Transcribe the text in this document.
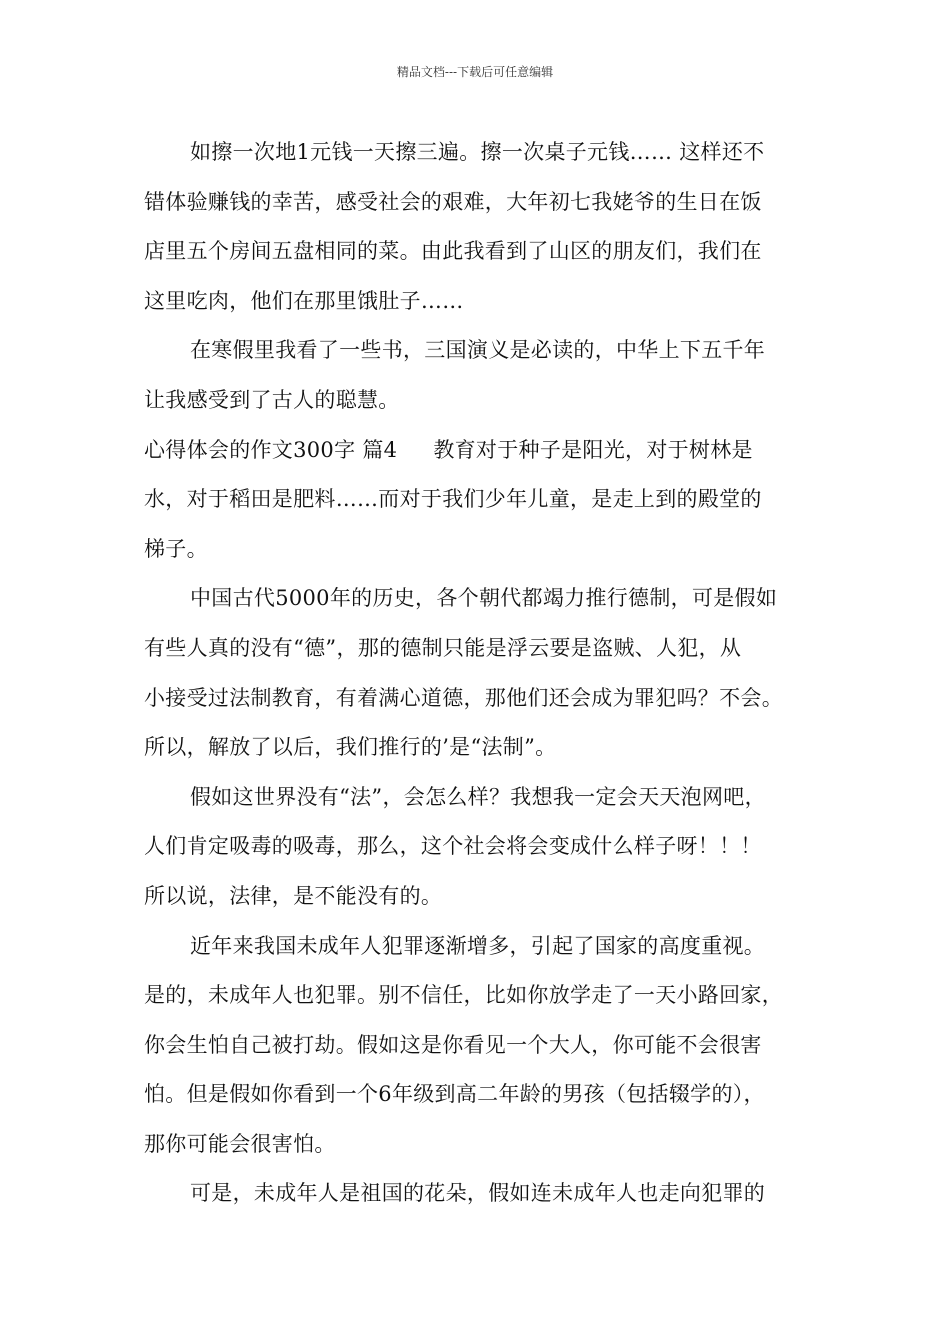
精品文档---下载后可任意编辑
如擦一次地1元钱一天擦三遍。擦一次桌子元钱…… 这样还不
错体验赚钱的幸苦，感受社会的艰难，大年初七我姥爷的生日在饭
店里五个房间五盘相同的菜。由此我看到了山区的朋友们，我们在
这里吃肉，他们在那里饿肚子……
在寒假里我看了一些书，三国演义是必读的，中华上下五千年
让我感受到了古人的聪慧。
心得体会的作文300字 篇4 教育对于种子是阳光，对于树林是
水，对于稻田是肥料……而对于我们少年儿童，是走上到的殿堂的
梯子。
中国古代5000年的历史，各个朝代都竭力推行德制，可是假如
有些人真的没有“德”，那的德制只能是浮云要是盗贼、人犯，从
小接受过法制教育，有着满心道德，那他们还会成为罪犯吗？不会。
所以，解放了以后，我们推行的’是“法制”。
假如这世界没有“法”，会怎么样？我想我一定会天天泡网吧，
人们肯定吸毒的吸毒，那么，这个社会将会变成什么样子呀！！！
所以说，法律，是不能没有的。
近年来我国未成年人犯罪逐渐增多，引起了国家的高度重视。
是的，未成年人也犯罪。别不信任，比如你放学走了一天小路回家，
你会生怕自己被打劫。假如这是你看见一个大人，你可能不会很害
怕。但是假如你看到一个6年级到高二年龄的男孩（包括辍学的），
那你可能会很害怕。
可是，未成年人是祖国的花朵，假如连未成年人也走向犯罪的
